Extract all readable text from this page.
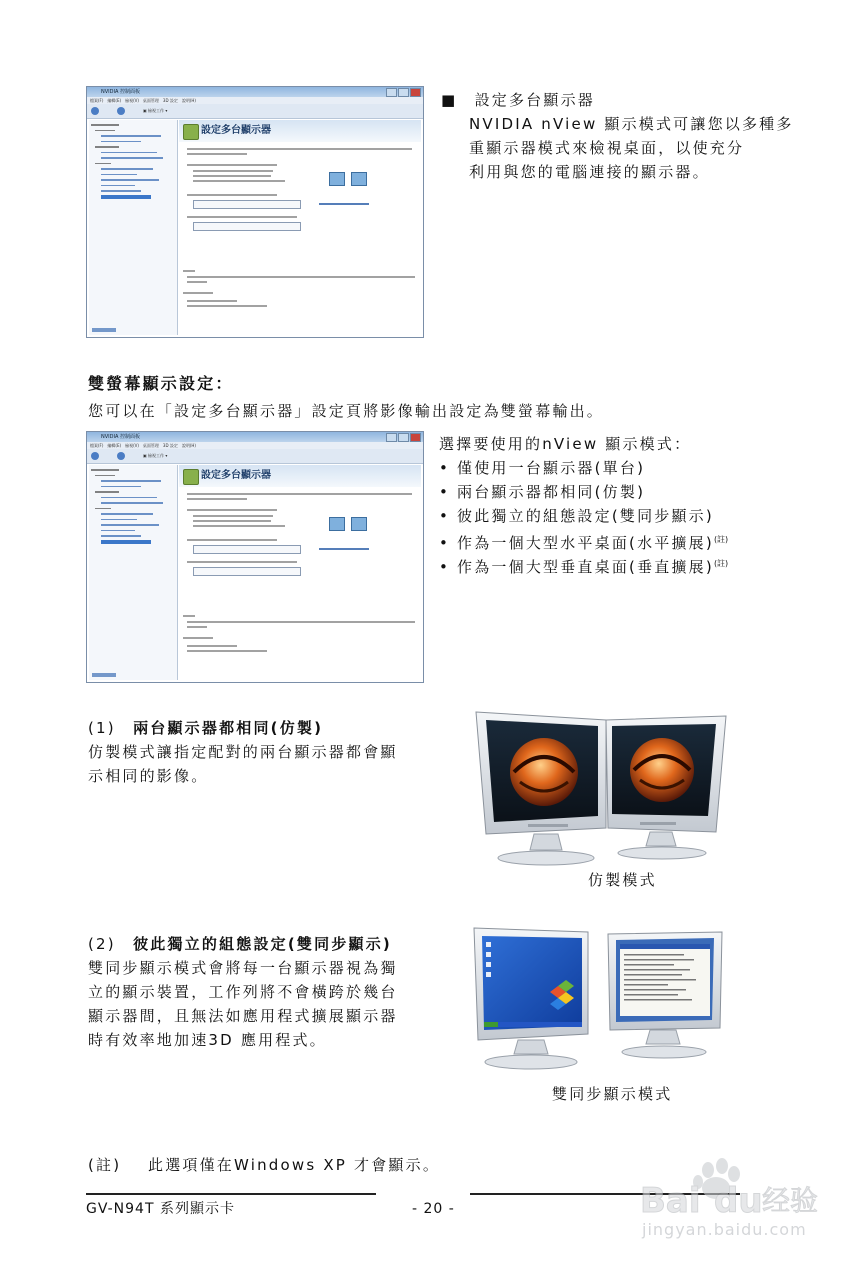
NVIDIA 控制面板
檔案(F)　編輯(E)　檢視(V)　桌面管理　3D 設定　說明(H)
▣ 檢視工作 ▾
設定多台顯示器
■　 設定多台顯示器
NVIDIA nView 顯示模式可讓您以多種多
重顯示器模式來檢視桌面，以使充分
利用與您的電腦連接的顯示器。
雙螢幕顯示設定：
您可以在「設定多台顯示器」設定頁將影像輸出設定為雙螢幕輸出。
NVIDIA 控制面板
檔案(F)　編輯(E)　檢視(V)　桌面管理　3D 設定　說明(H)
▣ 檢視工作 ▾
設定多台顯示器
選擇要使用的nView 顯示模式：
• 僅使用一台顯示器(單台)
• 兩台顯示器都相同(仿製)
• 彼此獨立的組態設定(雙同步顯示)
• 作為一個大型水平桌面(水平擴展)$^{(註)}$
• 作為一個大型垂直桌面(垂直擴展)$^{(註)}$
(1)　 兩台顯示器都相同(仿製)
仿製模式讓指定配對的兩台顯示器都會顯
示相同的影像。
仿製模式
(2)　 彼此獨立的組態設定(雙同步顯示)
雙同步顯示模式會將每一台顯示器視為獨
立的顯示裝置，工作列將不會橫跨於幾台
顯示器間，且無法如應用程式擴展顯示器
時有效率地加速3D 應用程式。
雙同步顯示模式
(註) 此選項僅在Windows XP 才會顯示。
GV-N94T 系列顯示卡	- 20 -	Bai du 经验
jingyan.baidu.com
